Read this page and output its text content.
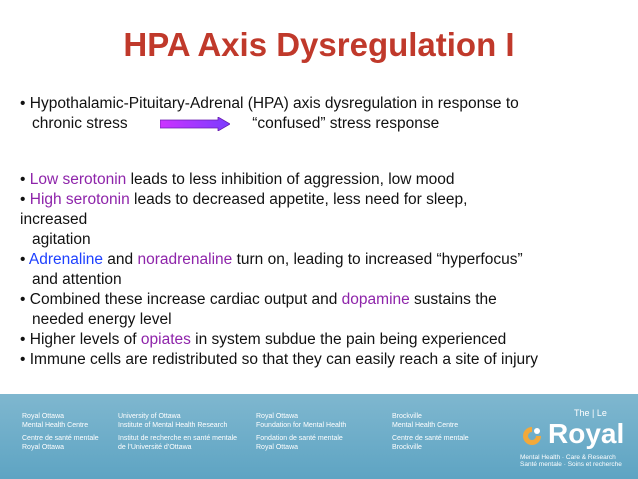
HPA Axis Dysregulation I

• Hypothalamic-Pituitary-Adrenal (HPA) axis dysregulation in response to

chronic stress	“confused” stress response

• Low serotonin leads to less inhibition of aggression, low mood

• High serotonin leads to decreased appetite, less need for sleep,

increased

agitation

• Adrenaline and noradrenaline turn on, leading to increased “hyperfocus”

and attention

• Combined these increase cardiac output and dopamine sustains the

needed energy level

• Higher levels of opiates in system subdue the pain being experienced

• Immune cells are redistributed so that they can easily reach a site of injury

Royal Ottawa
Mental Health Centre
Centre de santé mentale
Royal Ottawa
University of Ottawa
Institute of Mental Health Research
Institut de recherche en santé mentale
de l’Université d’Ottawa
Royal Ottawa
Foundation for Mental Health
Fondation de santé mentale
Royal Ottawa
Brockville
Mental Health Centre
Centre de santé mentale
Brockville
The | Le
Royal
Mental Health · Care & Research
Santé mentale · Soins et recherche
